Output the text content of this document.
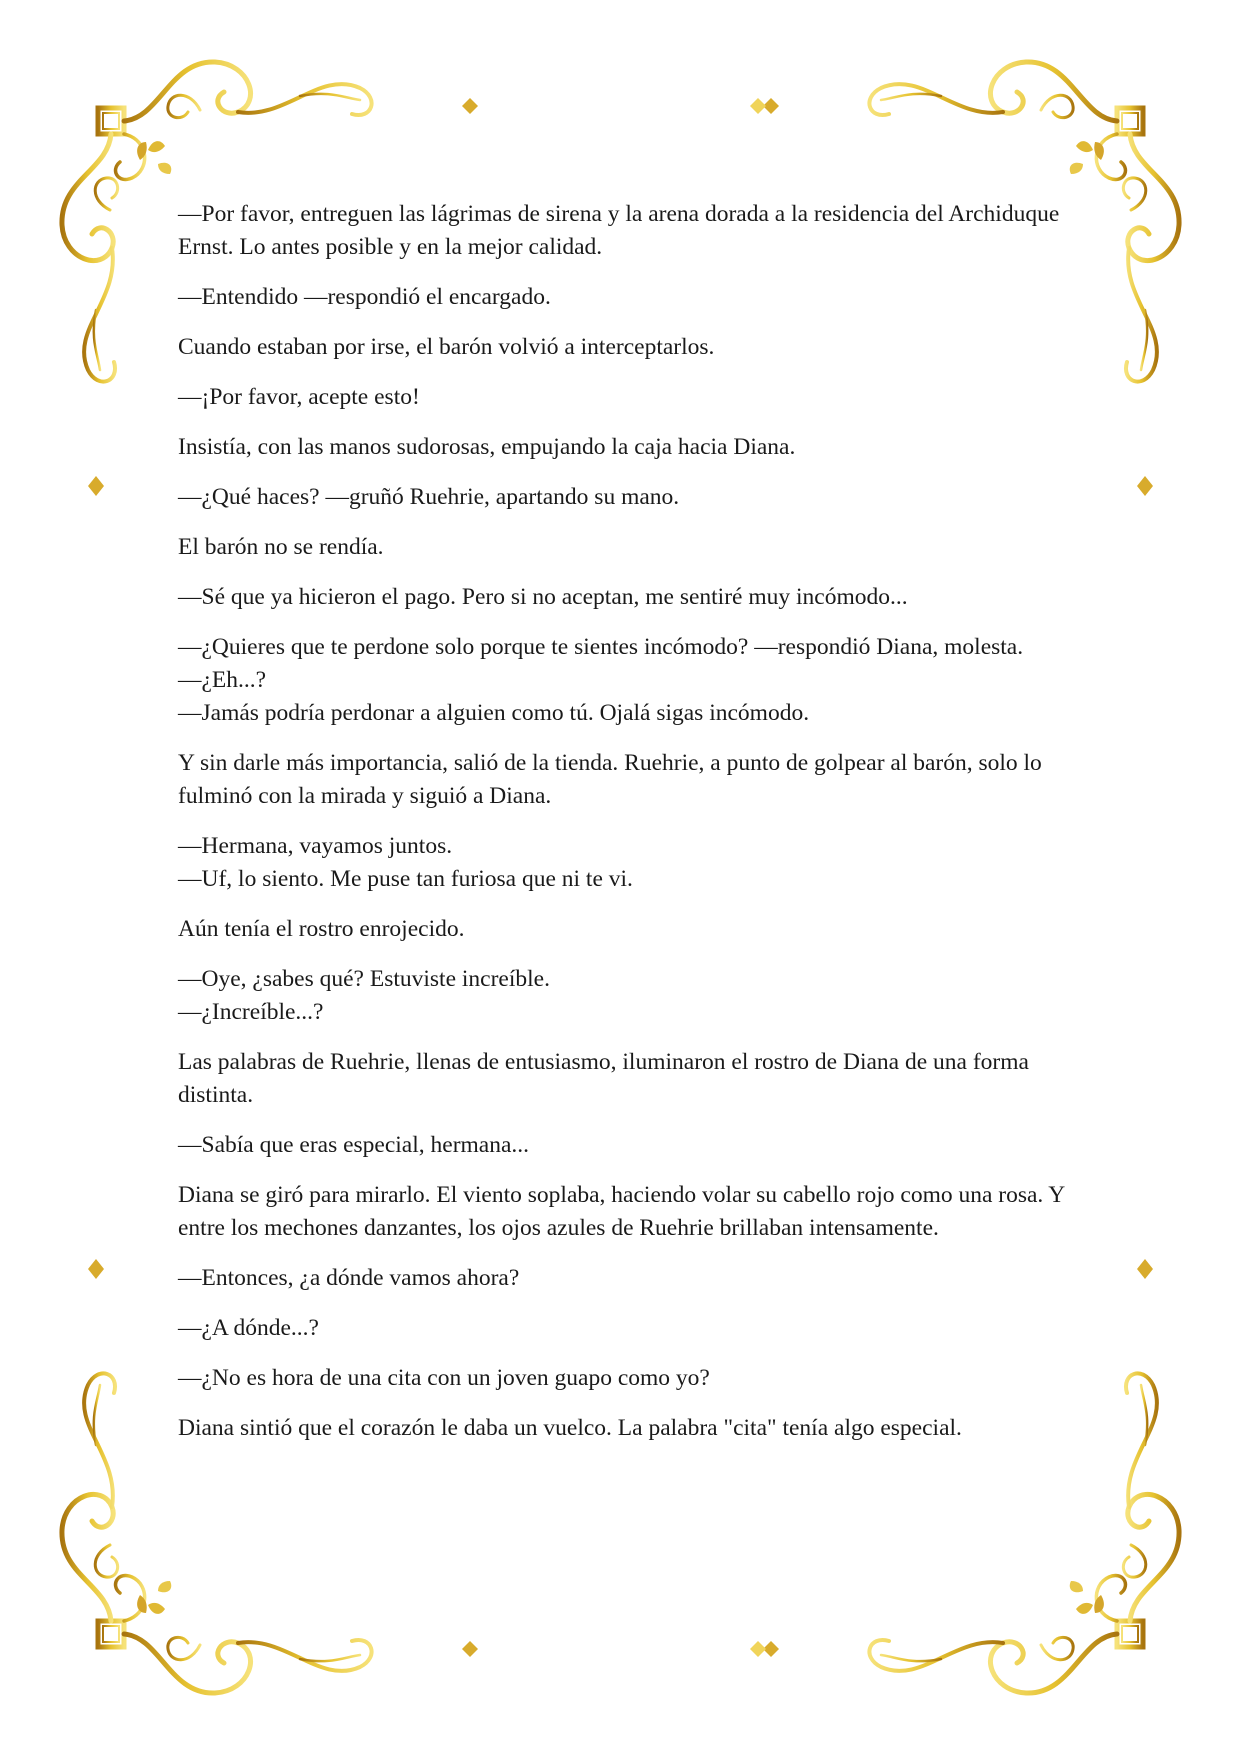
—Por favor, entreguen las lágrimas de sirena y la arena dorada a la residencia del Archiduque Ernst. Lo antes posible y en la mejor calidad.

—Entendido —respondió el encargado.

Cuando estaban por irse, el barón volvió a interceptarlos.

—¡Por favor, acepte esto!

Insistía, con las manos sudorosas, empujando la caja hacia Diana.

—¿Qué haces? —gruñó Ruehrie, apartando su mano.

El barón no se rendía.

—Sé que ya hicieron el pago. Pero si no aceptan, me sentiré muy incómodo...

—¿Quieres que te perdone solo porque te sientes incómodo? —respondió Diana, molesta.
—¿Eh...?
—Jamás podría perdonar a alguien como tú. Ojalá sigas incómodo.

Y sin darle más importancia, salió de la tienda. Ruehrie, a punto de golpear al barón, solo lo fulminó con la mirada y siguió a Diana.

—Hermana, vayamos juntos.
—Uf, lo siento. Me puse tan furiosa que ni te vi.

Aún tenía el rostro enrojecido.

—Oye, ¿sabes qué? Estuviste increíble.
—¿Increíble...?

Las palabras de Ruehrie, llenas de entusiasmo, iluminaron el rostro de Diana de una forma distinta.

—Sabía que eras especial, hermana...

Diana se giró para mirarlo. El viento soplaba, haciendo volar su cabello rojo como una rosa. Y entre los mechones danzantes, los ojos azules de Ruehrie brillaban intensamente.

—Entonces, ¿a dónde vamos ahora?

—¿A dónde...?

—¿No es hora de una cita con un joven guapo como yo?

Diana sintió que el corazón le daba un vuelco. La palabra "cita" tenía algo especial.
